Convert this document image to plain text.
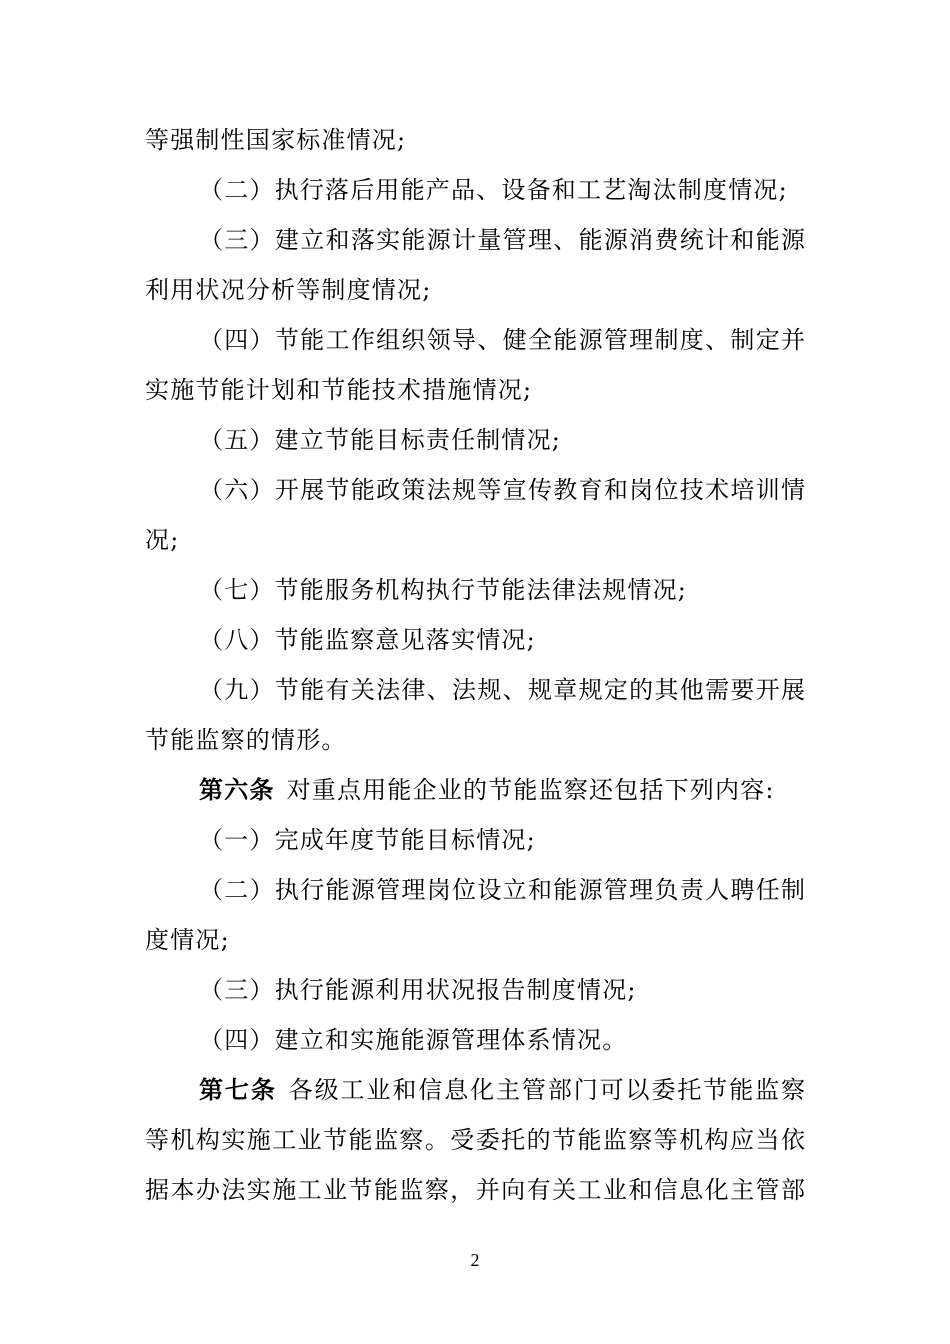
等强制性国家标准情况;
（二）执行落后用能产品、设备和工艺淘汰制度情况;
（三）建立和落实能源计量管理、能源消费统计和能源
利用状况分析等制度情况;
（四）节能工作组织领导、健全能源管理制度、制定并
实施节能计划和节能技术措施情况;
（五）建立节能目标责任制情况;
（六）开展节能政策法规等宣传教育和岗位技术培训情
况;
（七）节能服务机构执行节能法律法规情况;
（八）节能监察意见落实情况;
（九）节能有关法律、法规、规章规定的其他需要开展
节能监察的情形。
第六条 对重点用能企业的节能监察还包括下列内容:
（一）完成年度节能目标情况;
（二）执行能源管理岗位设立和能源管理负责人聘任制
度情况;
（三）执行能源利用状况报告制度情况;
（四）建立和实施能源管理体系情况。
第七条 各级工业和信息化主管部门可以委托节能监察
等机构实施工业节能监察。受委托的节能监察等机构应当依
据本办法实施工业节能监察，并向有关工业和信息化主管部
2
